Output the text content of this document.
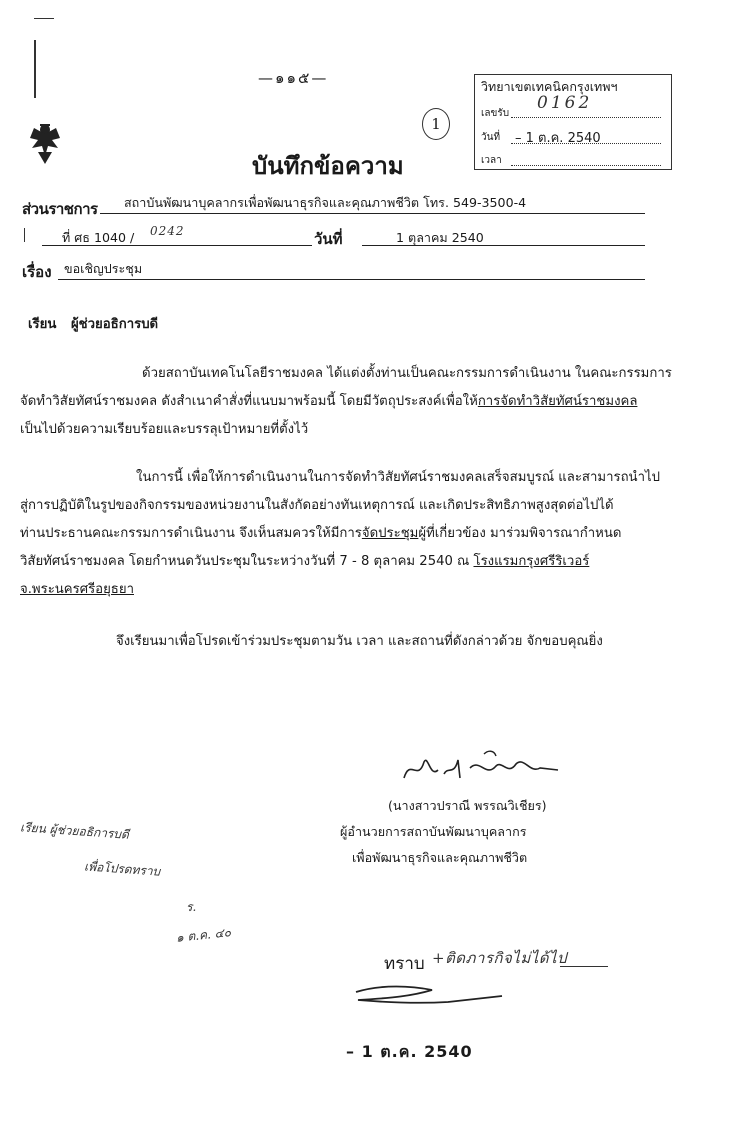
—๑๑๕—
1
วิทยาเขตเทคนิคกรุงเทพฯ
เลขรับ
0162
วันที่ – 1 ต.ค. 2540
เวลา
บันทึกข้อความ
ส่วนราชการ สถาบันพัฒนาบุคลากรเพื่อพัฒนาธุรกิจและคุณภาพชีวิต โทร. 549-3500-4
ที่ ศธ 1040 / 0242	วันที่	1 ตุลาคม 2540
เรื่อง ขอเชิญประชุม
เรียน ผู้ช่วยอธิการบดี
ด้วยสถาบันเทคโนโลยีราชมงคล ได้แต่งตั้งท่านเป็นคณะกรรมการดำเนินงาน ในคณะกรรมการ
จัดทำวิสัยทัศน์ราชมงคล ดังสำเนาคำสั่งที่แนบมาพร้อมนี้ โดยมีวัตถุประสงค์เพื่อให้การจัดทำวิสัยทัศน์ราชมงคล
เป็นไปด้วยความเรียบร้อยและบรรลุเป้าหมายที่ตั้งไว้
ในการนี้ เพื่อให้การดำเนินงานในการจัดทำวิสัยทัศน์ราชมงคลเสร็จสมบูรณ์ และสามารถนำไป
สู่การปฏิบัติในรูปของกิจกรรมของหน่วยงานในสังกัดอย่างทันเหตุการณ์ และเกิดประสิทธิภาพสูงสุดต่อไปได้
ท่านประธานคณะกรรมการดำเนินงาน จึงเห็นสมควรให้มีการจัดประชุมผู้ที่เกี่ยวข้อง มาร่วมพิจารณากำหนด
วิสัยทัศน์ราชมงคล โดยกำหนดวันประชุมในระหว่างวันที่ 7 - 8 ตุลาคม 2540 ณ โรงแรมกรุงศรีริเวอร์
จ.พระนครศรีอยุธยา
จึงเรียนมาเพื่อโปรดเข้าร่วมประชุมตามวัน เวลา และสถานที่ดังกล่าวด้วย จักขอบคุณยิ่ง
(นางสาวปราณี พรรณวิเชียร)
ผู้อำนวยการสถาบันพัฒนาบุคลากร
เพื่อพัฒนาธุรกิจและคุณภาพชีวิต
เรียน ผู้ช่วยอธิการบดี
เพื่อโปรดทราบ
ร.
๑ ต.ค. ๔๐
ทราบ +ติดภารกิจไม่ได้ไป
– 1 ต.ค. 2540
